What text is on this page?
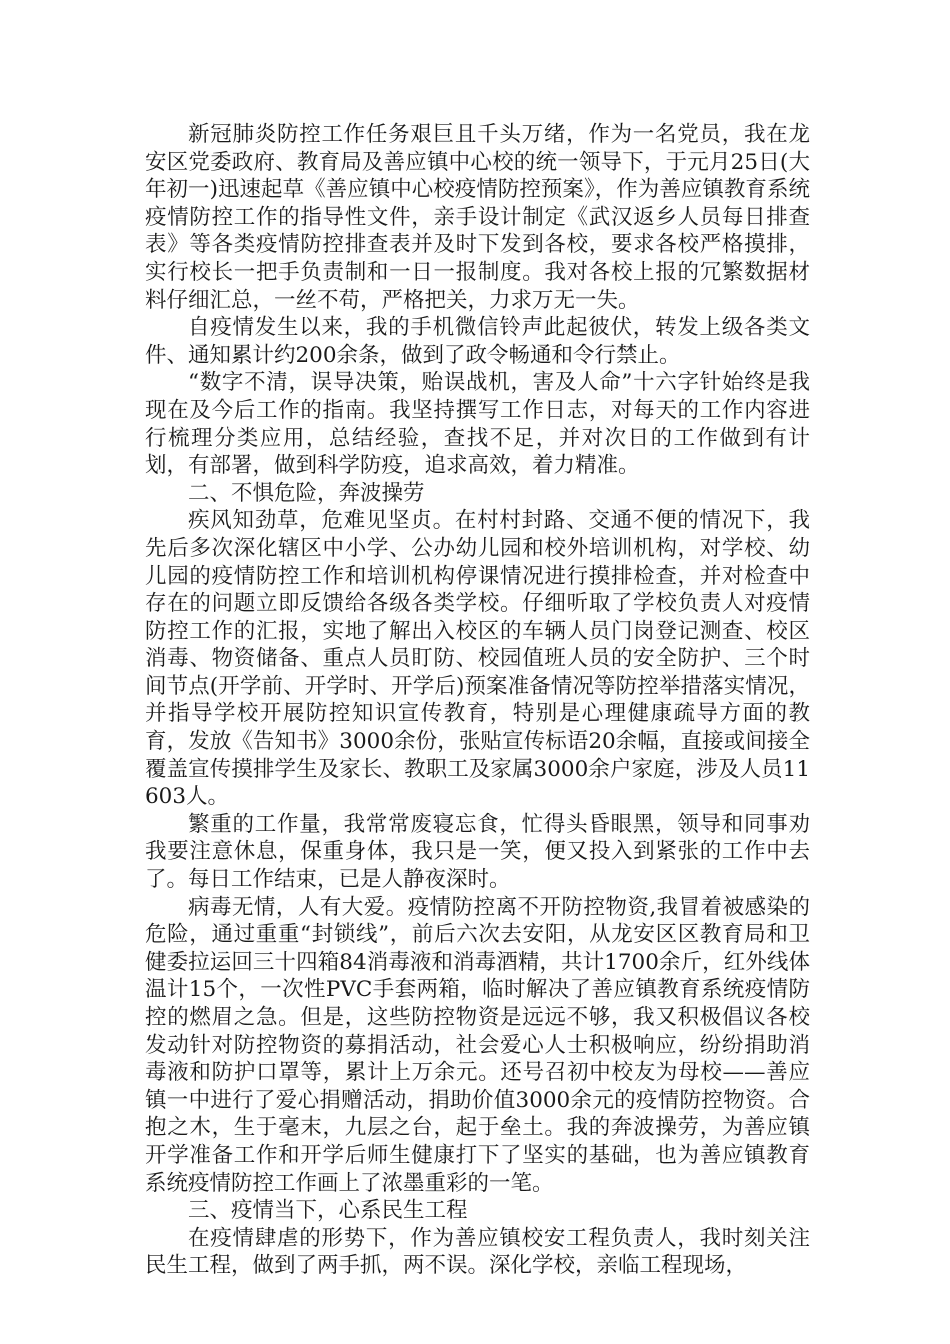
新冠肺炎防控工作任务艰巨且千头万绪，作为一名党员，我在龙安区党委政府、教育局及善应镇中心校的统一领导下，于元月25日(大年初一)迅速起草《善应镇中心校疫情防控预案》，作为善应镇教育系统疫情防控工作的指导性文件，亲手设计制定《武汉返乡人员每日排查表》等各类疫情防控排查表并及时下发到各校，要求各校严格摸排，实行校长一把手负责制和一日一报制度。我对各校上报的冗繁数据材料仔细汇总，一丝不苟，严格把关，力求万无一失。

自疫情发生以来，我的手机微信铃声此起彼伏，转发上级各类文件、通知累计约200余条，做到了政令畅通和令行禁止。

“数字不清，误导决策，贻误战机，害及人命”十六字针始终是我现在及今后工作的指南。我坚持撰写工作日志，对每天的工作内容进行梳理分类应用，总结经验，查找不足，并对次日的工作做到有计划，有部署，做到科学防疫，追求高效，着力精准。

二、不惧危险，奔波操劳

疾风知劲草，危难见坚贞。在村村封路、交通不便的情况下，我先后多次深化辖区中小学、公办幼儿园和校外培训机构，对学校、幼儿园的疫情防控工作和培训机构停课情况进行摸排检查，并对检查中存在的问题立即反馈给各级各类学校。仔细听取了学校负责人对疫情防控工作的汇报，实地了解出入校区的车辆人员门岗登记测查、校区消毒、物资储备、重点人员盯防、校园值班人员的安全防护、三个时间节点(开学前、开学时、开学后)预案准备情况等防控举措落实情况，并指导学校开展防控知识宣传教育，特别是心理健康疏导方面的教育，发放《告知书》3000余份，张贴宣传标语20余幅，直接或间接全覆盖宣传摸排学生及家长、教职工及家属3000余户家庭，涉及人员11603人。

繁重的工作量，我常常废寝忘食，忙得头昏眼黑，领导和同事劝我要注意休息，保重身体，我只是一笑，便又投入到紧张的工作中去了。每日工作结束，已是人静夜深时。

病毒无情，人有大爱。疫情防控离不开防控物资,我冒着被感染的危险，通过重重“封锁线”，前后六次去安阳，从龙安区区教育局和卫健委拉运回三十四箱84消毒液和消毒酒精，共计1700余斤，红外线体温计15个，一次性PVC手套两箱，临时解决了善应镇教育系统疫情防控的燃眉之急。但是，这些防控物资是远远不够，我又积极倡议各校发动针对防控物资的募捐活动，社会爱心人士积极响应，纷纷捐助消毒液和防护口罩等，累计上万余元。还号召初中校友为母校——善应镇一中进行了爱心捐赠活动，捐助价值3000余元的疫情防控物资。合抱之木，生于毫末，九层之台，起于垒土。我的奔波操劳，为善应镇开学准备工作和开学后师生健康打下了坚实的基础，也为善应镇教育系统疫情防控工作画上了浓墨重彩的一笔。

三、疫情当下，心系民生工程

在疫情肆虐的形势下，作为善应镇校安工程负责人，我时刻关注民生工程，做到了两手抓，两不误。深化学校，亲临工程现场，
